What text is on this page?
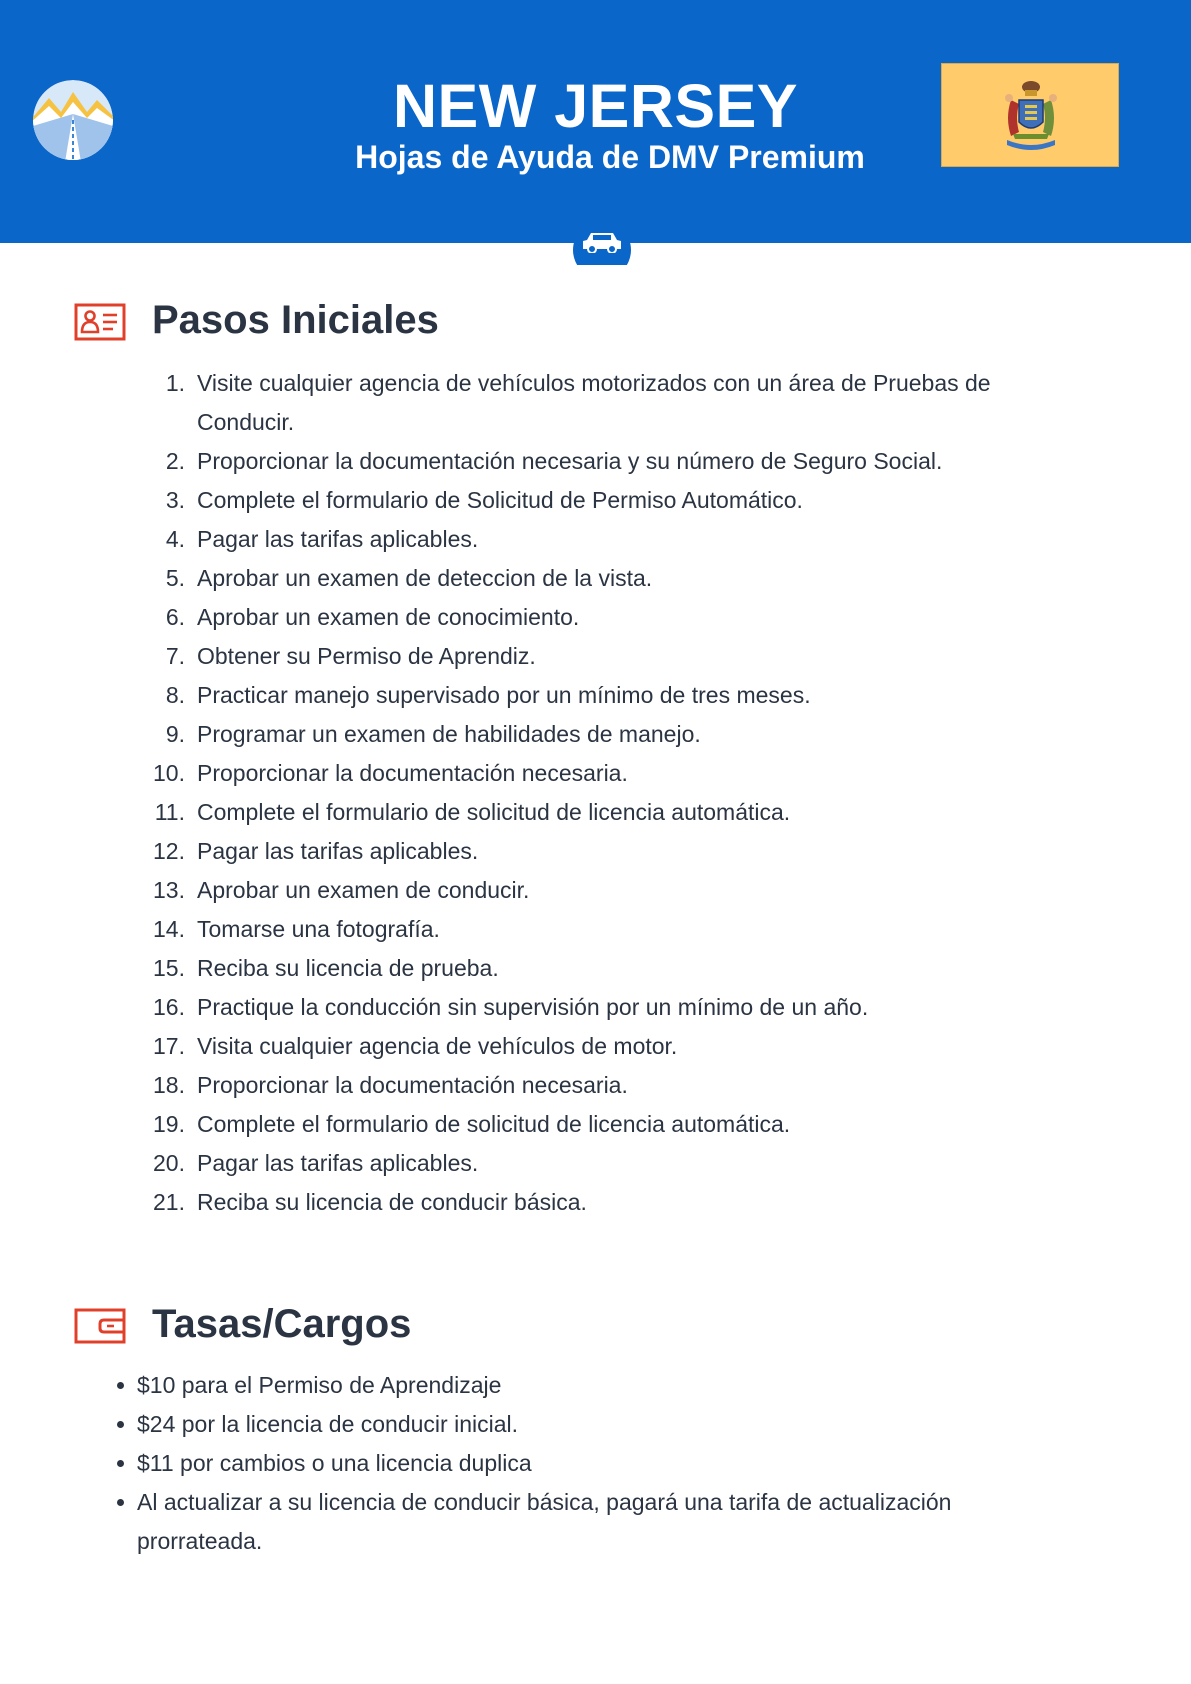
NEW JERSEY
Hojas de Ayuda de DMV Premium
Pasos Iniciales
1. Visite cualquier agencia de vehículos motorizados con un área de Pruebas de Conducir.
2. Proporcionar la documentación necesaria y su número de Seguro Social.
3. Complete el formulario de Solicitud de Permiso Automático.
4. Pagar las tarifas aplicables.
5. Aprobar un examen de deteccion de la vista.
6. Aprobar un examen de conocimiento.
7. Obtener su Permiso de Aprendiz.
8. Practicar manejo supervisado por un mínimo de tres meses.
9. Programar un examen de habilidades de manejo.
10. Proporcionar la documentación necesaria.
11. Complete el formulario de solicitud de licencia automática.
12. Pagar las tarifas aplicables.
13. Aprobar un examen de conducir.
14. Tomarse una fotografía.
15. Reciba su licencia de prueba.
16. Practique la conducción sin supervisión por un mínimo de un año.
17. Visita cualquier agencia de vehículos de motor.
18. Proporcionar la documentación necesaria.
19. Complete el formulario de solicitud de licencia automática.
20. Pagar las tarifas aplicables.
21. Reciba su licencia de conducir básica.
Tasas/Cargos
$10 para el Permiso de Aprendizaje
$24 por la licencia de conducir inicial.
$11 por cambios o una licencia duplica
Al actualizar a su licencia de conducir básica, pagará una tarifa de actualización prorrateada.
